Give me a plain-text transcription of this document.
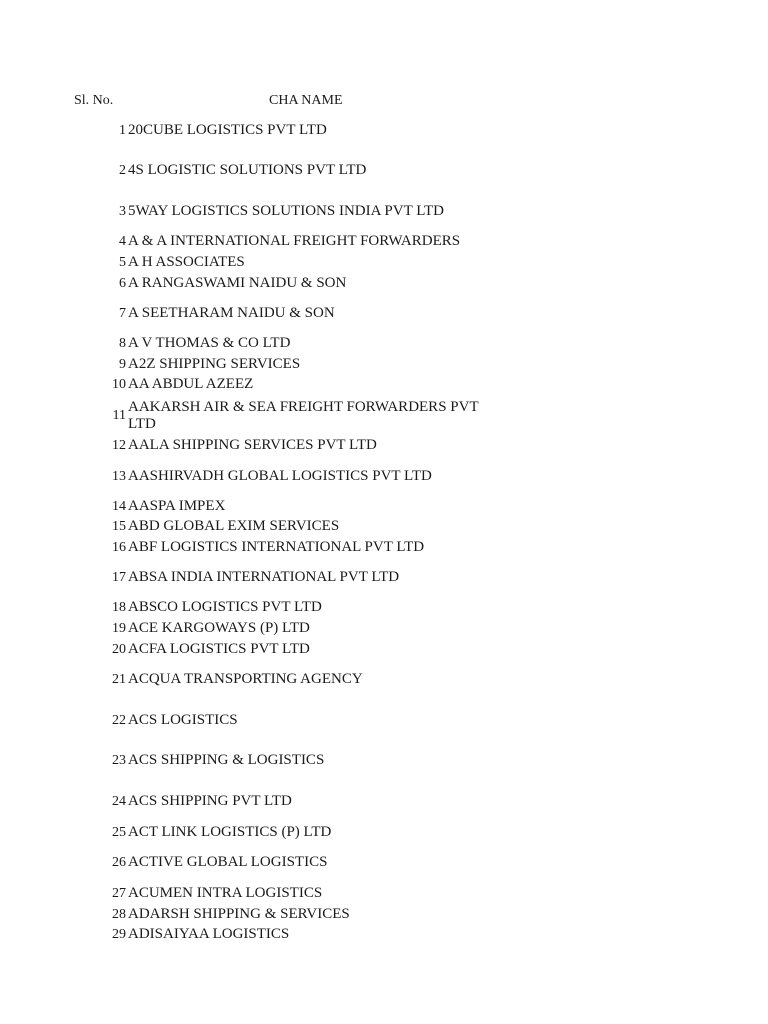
Sl. No.	CHA NAME
1 20CUBE LOGISTICS PVT LTD
2 4S LOGISTIC SOLUTIONS PVT LTD
3 5WAY LOGISTICS SOLUTIONS INDIA PVT LTD
4 A & A INTERNATIONAL FREIGHT FORWARDERS
5 A H ASSOCIATES
6 A RANGASWAMI NAIDU & SON
7 A SEETHARAM NAIDU & SON
8 A V THOMAS & CO LTD
9 A2Z SHIPPING SERVICES
10 AA ABDUL AZEEZ
11
AAKARSH AIR & SEA FREIGHT FORWARDERS PVT LTD
12 AALA SHIPPING SERVICES PVT LTD
13 AASHIRVADH GLOBAL LOGISTICS PVT LTD
14 AASPA IMPEX
15 ABD GLOBAL EXIM SERVICES
16 ABF LOGISTICS INTERNATIONAL PVT LTD
17 ABSA INDIA INTERNATIONAL PVT LTD
18 ABSCO LOGISTICS PVT LTD
19 ACE KARGOWAYS (P) LTD
20 ACFA LOGISTICS PVT LTD
21 ACQUA TRANSPORTING AGENCY
22 ACS LOGISTICS
23 ACS SHIPPING & LOGISTICS
24 ACS SHIPPING PVT LTD
25 ACT LINK LOGISTICS (P) LTD
26 ACTIVE GLOBAL LOGISTICS
27 ACUMEN INTRA LOGISTICS
28 ADARSH SHIPPING & SERVICES
29 ADISAIYAA LOGISTICS
